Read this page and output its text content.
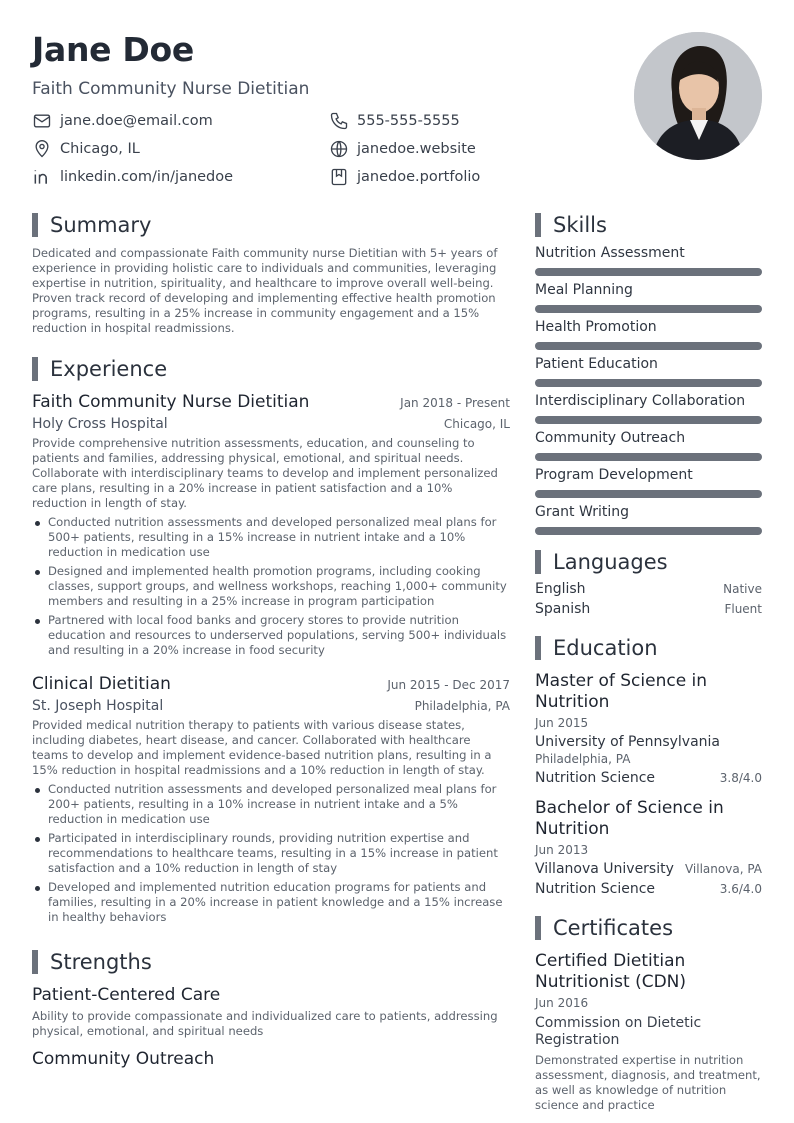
Jane Doe
Faith Community Nurse Dietitian
jane.doe@email.com	555-555-5555
Chicago, IL	janedoe.website
linkedin.com/in/janedoe	janedoe.portfolio
Summary

Dedicated and compassionate Faith community nurse Dietitian with 5+ years of experience in providing holistic care to individuals and communities, leveraging expertise in nutrition, spirituality, and healthcare to improve overall well-being. Proven track record of developing and implementing effective health promotion programs, resulting in a 25% increase in community engagement and a 15% reduction in hospital readmissions.

Experience
Faith Community Nurse Dietitian	Jan 2018 - Present
Holy Cross Hospital	Chicago, IL

Provide comprehensive nutrition assessments, education, and counseling to patients and families, addressing physical, emotional, and spiritual needs. Collaborate with interdisciplinary teams to develop and implement personalized care plans, resulting in a 20% increase in patient satisfaction and a 10% reduction in length of stay.

Conducted nutrition assessments and developed personalized meal plans for 500+ patients, resulting in a 15% increase in nutrient intake and a 10% reduction in medication use
Designed and implemented health promotion programs, including cooking classes, support groups, and wellness workshops, reaching 1,000+ community members and resulting in a 25% increase in program participation
Partnered with local food banks and grocery stores to provide nutrition education and resources to underserved populations, serving 500+ individuals and resulting in a 20% increase in food security
Clinical Dietitian	Jun 2015 - Dec 2017
St. Joseph Hospital	Philadelphia, PA

Provided medical nutrition therapy to patients with various disease states, including diabetes, heart disease, and cancer. Collaborated with healthcare teams to develop and implement evidence-based nutrition plans, resulting in a 15% reduction in hospital readmissions and a 10% reduction in length of stay.

Conducted nutrition assessments and developed personalized meal plans for 200+ patients, resulting in a 10% increase in nutrient intake and a 5% reduction in medication use
Participated in interdisciplinary rounds, providing nutrition expertise and recommendations to healthcare teams, resulting in a 15% increase in patient satisfaction and a 10% reduction in length of stay
Developed and implemented nutrition education programs for patients and families, resulting in a 20% increase in patient knowledge and a 15% increase in healthy behaviors
Strengths
Patient-Centered Care

Ability to provide compassionate and individualized care to patients, addressing physical, emotional, and spiritual needs

Community Outreach
Skills
Nutrition Assessment
Meal Planning
Health Promotion
Patient Education
Interdisciplinary Collaboration
Community Outreach
Program Development
Grant Writing
Languages
English	Native
Spanish	Fluent
Education
Master of Science in Nutrition
Jun 2015
University of Pennsylvania
Philadelphia, PA
Nutrition Science	3.8/4.0
Bachelor of Science in Nutrition
Jun 2013
Villanova University Villanova, PA
Nutrition Science	3.6/4.0
Certificates
Certified Dietitian Nutritionist (CDN)
Jun 2016
Commission on Dietetic Registration

Demonstrated expertise in nutrition assessment, diagnosis, and treatment, as well as knowledge of nutrition science and practice
